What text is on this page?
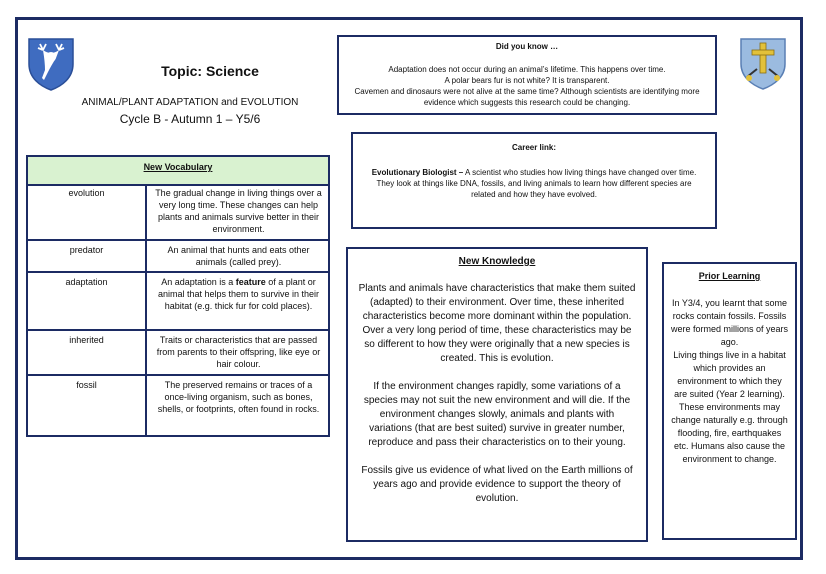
Topic: Science
ANIMAL/PLANT ADAPTATION and EVOLUTION
Cycle B - Autumn 1 – Y5/6
New Vocabulary
evolution	The gradual change in living things over a very long time. These changes can help plants and animals survive better in their environment.
predator	An animal that hunts and eats other animals (called prey).
adaptation	An adaptation is a feature of a plant or animal that helps them to survive in their habitat (e.g. thick fur for cold places).
inherited	Traits or characteristics that are passed from parents to their offspring, like eye or hair colour.
fossil	The preserved remains or traces of a once-living organism, such as bones, shells, or footprints, often found in rocks.
Did you know …
Adaptation does not occur during an animal’s lifetime. This happens over time.
A polar bears fur is not white? It is transparent.
Cavemen and dinosaurs were not alive at the same time? Although scientists are identifying more evidence which suggests this research could be changing.
Career link:
Evolutionary Biologist – A scientist who studies how living things have changed over time. They look at things like DNA, fossils, and living animals to learn how different species are related and how they have evolved.
New Knowledge
Plants and animals have characteristics that make them suited (adapted) to their environment. Over time, these inherited characteristics become more dominant within the population. Over a very long period of time, these characteristics may be so different to how they were originally that a new species is created. This is evolution.
If the environment changes rapidly, some variations of a species may not suit the new environment and will die. If the environment changes slowly, animals and plants with variations (that are best suited) survive in greater number, reproduce and pass their characteristics on to their young.
Fossils give us evidence of what lived on the Earth millions of years ago and provide evidence to support the theory of evolution.
Prior Learning
In Y3/4, you learnt that some rocks contain fossils. Fossils were formed millions of years ago.
Living things live in a habitat which provides an environment to which they are suited (Year 2 learning).
These environments may change naturally e.g. through flooding, fire, earthquakes etc. Humans also cause the environment to change.
